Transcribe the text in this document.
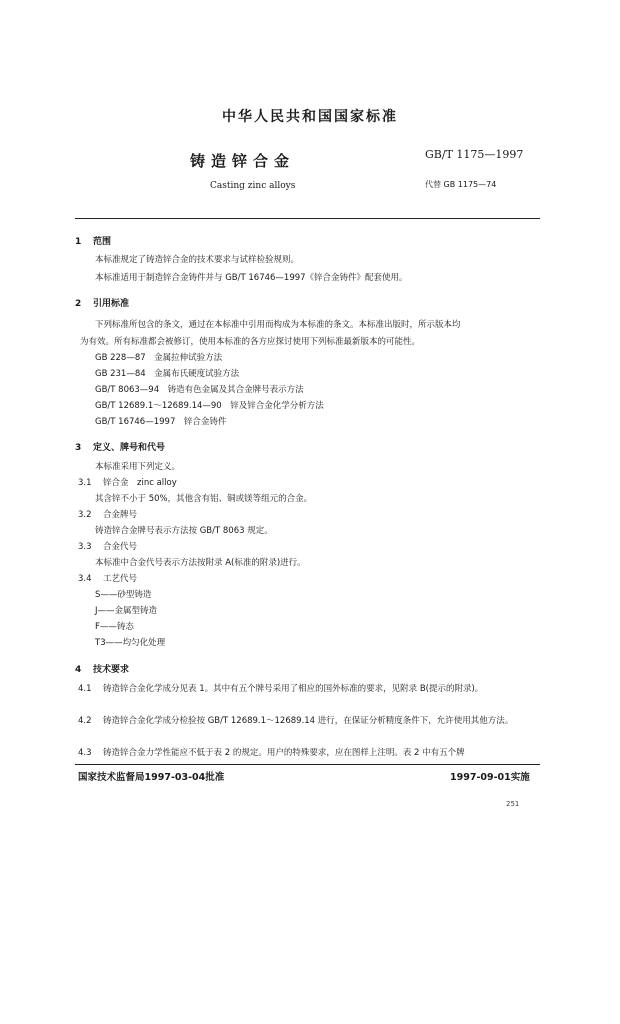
中华人民共和国国家标准
铸造锌合金
Casting zinc alloys
GB/T 1175—1997
代替 GB 1175—74
1 范围
本标准规定了铸造锌合金的技术要求与试样检验规则。
本标准适用于制造锌合金铸件并与 GB/T 16746—1997《锌合金铸件》配套使用。
2 引用标准
下列标准所包含的条文，通过在本标准中引用而构成为本标准的条文。本标准出版时，所示版本均
为有效。所有标准都会被修订，使用本标准的各方应探讨使用下列标准最新版本的可能性。
GB 228—87　金属拉伸试验方法
GB 231—84　金属布氏硬度试验方法
GB/T 8063—94　铸造有色金属及其合金牌号表示方法
GB/T 12689.1～12689.14—90　锌及锌合金化学分析方法
GB/T 16746—1997　锌合金铸件
3 定义、牌号和代号
本标准采用下列定义。
3.1 锌合金　zinc alloy
其含锌不小于 50%，其他含有铝、铜或镁等组元的合金。
3.2 合金牌号
铸造锌合金牌号表示方法按 GB/T 8063 规定。
3.3 合金代号
本标准中合金代号表示方法按附录 A(标准的附录)进行。
3.4 工艺代号
S——砂型铸造
J——金属型铸造
F——铸态
T3——均匀化处理
4 技术要求
4.1 铸造锌合金化学成分见表 1。其中有五个牌号采用了相应的国外标准的要求，见附录 B(提示的附录)。
4.2 铸造锌合金化学成分检验按 GB/T 12689.1～12689.14 进行，在保证分析精度条件下，允许使用其他方法。
4.3 铸造锌合金力学性能应不低于表 2 的规定。用户的特殊要求，应在图样上注明。表 2 中有五个牌
国家技术监督局1997-03-04批准	1997-09-01实施
251
